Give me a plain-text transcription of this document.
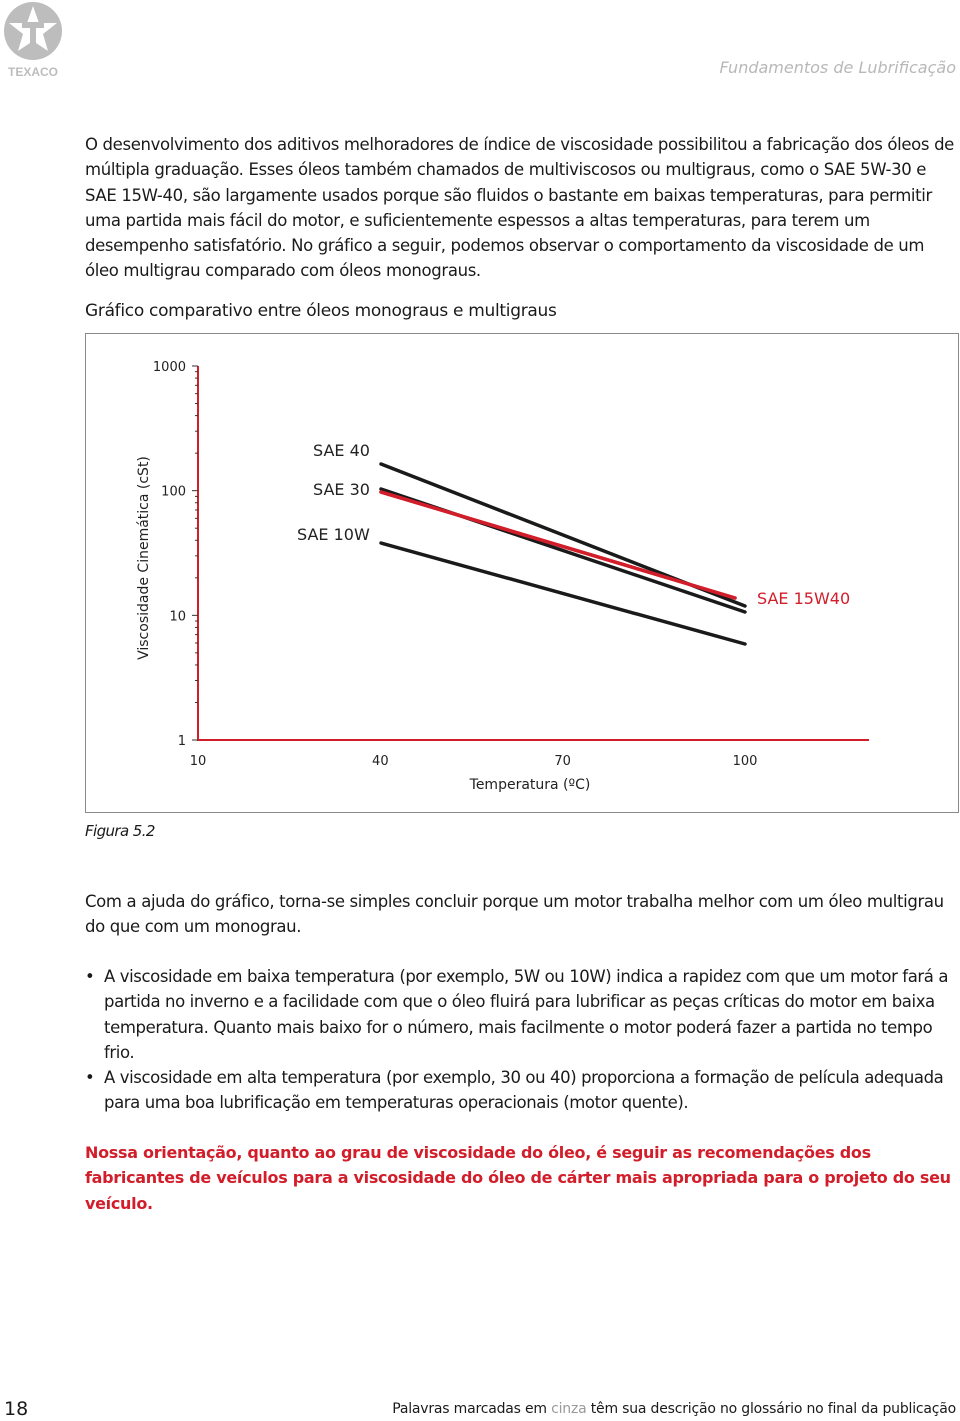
TEXACO	Fundamentos de Lubrificação
O desenvolvimento dos aditivos melhoradores de índice de viscosidade possibilitou a fabricação dos óleos de múltipla graduação. Esses óleos também chamados de multiviscosos ou multigraus, como o SAE 5W-30 e SAE 15W-40, são largamente usados porque são fluidos o bastante em baixas temperaturas, para permitir uma partida mais fácil do motor, e suficientemente espessos a altas temperaturas, para terem um desempenho satisfatório. No gráfico a seguir, podemos observar o comportamento da viscosidade de um óleo multigrau comparado com óleos monograus.
Gráfico comparativo entre óleos monograus e multigraus
1
10
100
1000
10	40	70	100
Temperatura (ºC)
Viscosidade Cinemática (cSt)
SAE 40
SAE 30
SAE 10W
SAE 15W40
Figura 5.2
Com a ajuda do gráfico, torna-se simples concluir porque um motor trabalha melhor com um óleo multigrau do que com um monograu.
• A viscosidade em baixa temperatura (por exemplo, 5W ou 10W) indica a rapidez com que um motor fará a partida no inverno e a facilidade com que o óleo fluirá para lubrificar as peças críticas do motor em baixa temperatura. Quanto mais baixo for o número, mais facilmente o motor poderá fazer a partida no tempo frio.
• A viscosidade em alta temperatura (por exemplo, 30 ou 40) proporciona a formação de película adequada para uma boa lubrificação em temperaturas operacionais (motor quente).
Nossa orientação, quanto ao grau de viscosidade do óleo, é seguir as recomendações dos fabricantes de veículos para a viscosidade do óleo de cárter mais apropriada para o projeto do seu veículo.
18	Palavras marcadas em cinza têm sua descrição no glossário no final da publicação
